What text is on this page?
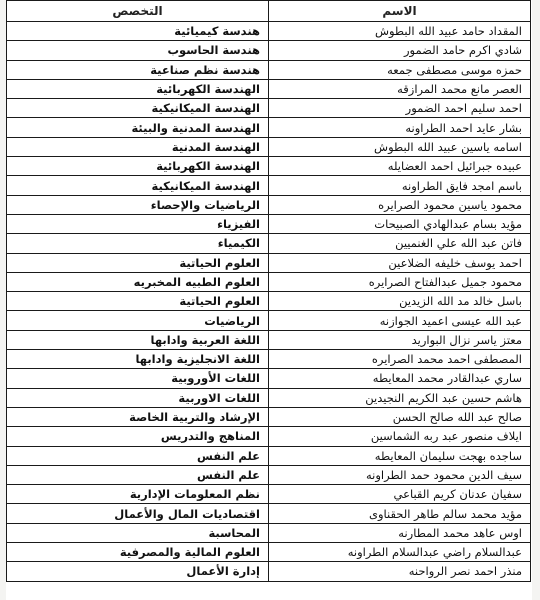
الاسم	التخصص
المقداد حامد عبيد الله البطوش	هندسة كيميائية
شادي اكرم حامد الضمور	هندسة الحاسوب
حمزه موسى مصطفى جمعه	هندسة نظم صناعية
العصر مانع محمد المرازقه	الهندسة الكهربائية
احمد سليم احمد الضمور	الهندسة الميكانيكية
بشار عايد احمد الطراونه	الهندسة المدنية والبيئة
اسامه ياسين عبيد الله البطوش	الهندسة المدنية
عبيده جبرائيل احمد العضايله	الهندسة الكهربائية
باسم امجد فايق الطراونه	الهندسة الميكانيكية
محمود ياسين محمود الصرايره	الرياضيات والإحصاء
مؤيد بسام عبدالهادي الصبيحات	الفيزياء
فاتن عبد الله علي الغنميين	الكيمياء
احمد يوسف خليفه الضلاعين	العلوم الحياتية
محمود جميل عبدالفتاح الصرايره	العلوم الطبيه المخبريه
باسل خالد مد الله الزيدين	العلوم الحياتية
عبد الله عيسى اعميد الجوازنه	الرياضيات
معتز ياسر نزال البوارید	اللغة العربية وادابها
المصطفى احمد محمد الصرايره	اللغة الانجليزية وادابها
ساري عبدالقادر محمد المعايطه	اللغات الأوروبية
هاشم حسين عبد الكريم النجيدين	اللغات الاوربية
صالح عبد الله صالح الحسن	الإرشاد والتربية الخاصة
ايلاف منصور عبد ربه الشماسين	المناهج والتدريس
ساجده بهجت سليمان المعايطه	علم النفس
سيف الدين محمود حمد الطراونه	علم النفس
سفيان عدنان كريم القباعي	نظم المعلومات الإدارية
مؤيد محمد سالم طاهر الحقناوى	اقتصاديات المال والأعمال
اوس عاهد محمد المطارنه	المحاسبة
عبدالسلام راضي عبدالسلام الطراونه	العلوم المالية والمصرفية
منذر احمد نصر الرواحنه	إدارة الأعمال
